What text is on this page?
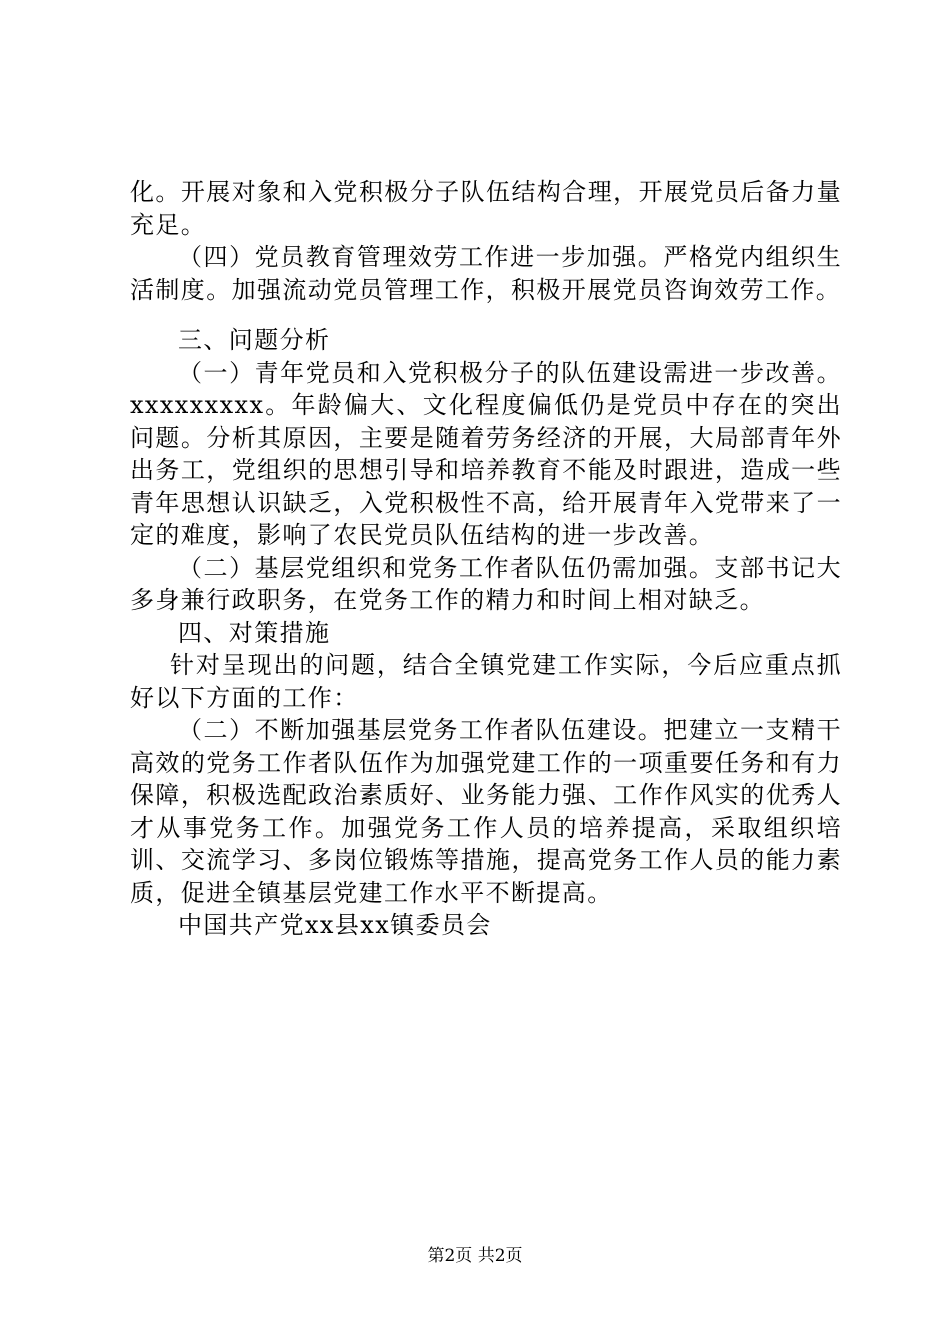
化。开展对象和入党积极分子队伍结构合理，开展党员后备力量充足。

（四）党员教育管理效劳工作进一步加强。严格党内组织生活制度。加强流动党员管理工作，积极开展党员咨询效劳工作。

三、问题分析

（一）青年党员和入党积极分子的队伍建设需进一步改善。xxxxxxxxx。年龄偏大、文化程度偏低仍是党员中存在的突出问题。分析其原因，主要是随着劳务经济的开展，大局部青年外出务工，党组织的思想引导和培养教育不能及时跟进，造成一些青年思想认识缺乏，入党积极性不高，给开展青年入党带来了一定的难度，影响了农民党员队伍结构的进一步改善。

（二）基层党组织和党务工作者队伍仍需加强。支部书记大多身兼行政职务，在党务工作的精力和时间上相对缺乏。

四、对策措施

针对呈现出的问题，结合全镇党建工作实际，今后应重点抓好以下方面的工作：

（二）不断加强基层党务工作者队伍建设。把建立一支精干高效的党务工作者队伍作为加强党建工作的一项重要任务和有力保障，积极选配政治素质好、业务能力强、工作作风实的优秀人才从事党务工作。加强党务工作人员的培养提高，采取组织培训、交流学习、多岗位锻炼等措施，提高党务工作人员的能力素质，促进全镇基层党建工作水平不断提高。

中国共产党xx县xx镇委员会

第2页 共2页
